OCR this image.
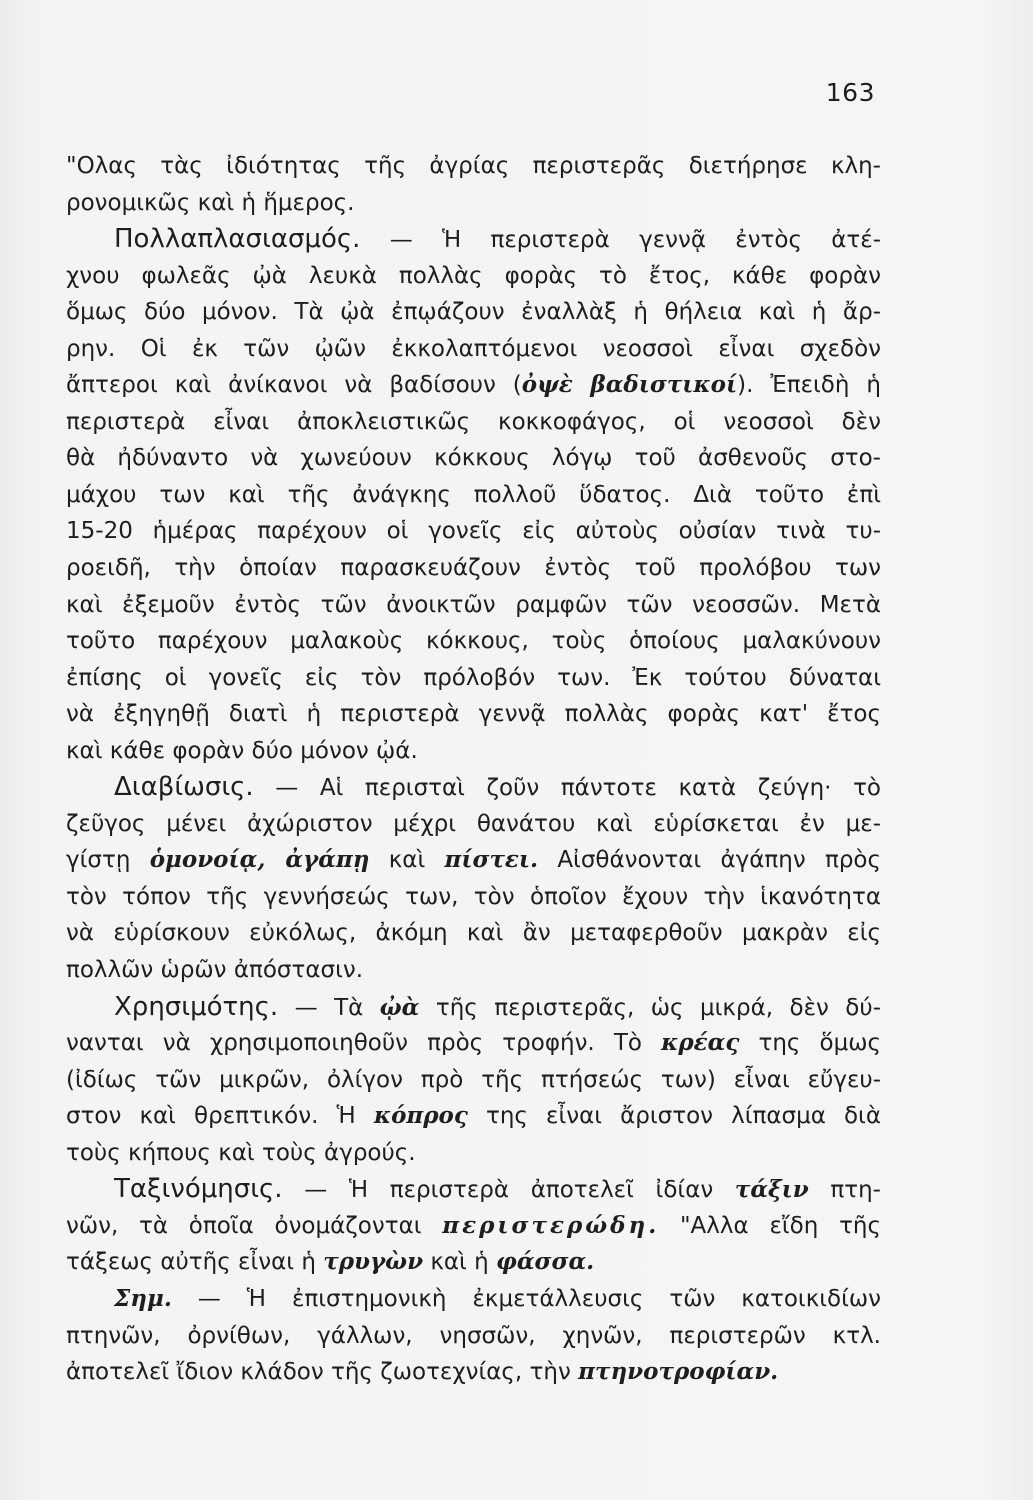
163
"Ολας τὰς ἰδιότητας τῆς ἀγρίας περιστερᾶς διετήρησε κλη-
ρονομικῶς καὶ ἡ ἥμερος.
Πολλαπλασιασμός. — Ἡ περιστερὰ γεννᾷ ἐντὸς ἀτέ-
χνου φωλεᾶς ᾠὰ λευκὰ πολλὰς φορὰς τὸ ἔτος, κάθε φορὰν
ὅμως δύο μόνον. Τὰ ᾠὰ ἐπῳάζουν ἐναλλὰξ ἡ θήλεια καὶ ἡ ἄρ-
ρην. Οἱ ἐκ τῶν ᾠῶν ἐκκολαπτόμενοι νεοσσοὶ εἶναι σχεδὸν
ἄπτεροι καὶ ἀνίκανοι νὰ βαδίσουν (ὀψὲ βαδιστικοί). Ἐπειδὴ ἡ
περιστερὰ εἶναι ἀποκλειστικῶς κοκκοφάγος, οἱ νεοσσοὶ δὲν
θὰ ἠδύναντο νὰ χωνεύουν κόκκους λόγῳ τοῦ ἀσθενοῦς στο-
μάχου των καὶ τῆς ἀνάγκης πολλοῦ ὕδατος. Διὰ τοῦτο ἐπὶ
15-20 ἡμέρας παρέχουν οἱ γονεῖς εἰς αὐτοὺς οὐσίαν τινὰ τυ-
ροειδῆ, τὴν ὁποίαν παρασκευάζουν ἐντὸς τοῦ προλόβου των
καὶ ἐξεμοῦν ἐντὸς τῶν ἀνοικτῶν ραμφῶν τῶν νεοσσῶν. Μετὰ
τοῦτο παρέχουν μαλακοὺς κόκκους, τοὺς ὁποίους μαλακύνουν
ἐπίσης οἱ γονεῖς εἰς τὸν πρόλοβόν των. Ἐκ τούτου δύναται
νὰ ἐξηγηθῇ διατὶ ἡ περιστερὰ γεννᾷ πολλὰς φορὰς κατ' ἔτος
καὶ κάθε φορὰν δύο μόνον ᾠά.
Διαβίωσις. — Αἱ περισταὶ ζοῦν πάντοτε κατὰ ζεύγη· τὸ
ζεῦγος μένει ἀχώριστον μέχρι θανάτου καὶ εὑρίσκεται ἐν με-
γίστῃ ὁμονοίᾳ, ἀγάπῃ καὶ πίστει. Αἰσθάνονται ἀγάπην πρὸς
τὸν τόπον τῆς γεννήσεώς των, τὸν ὁποῖον ἔχουν τὴν ἱκανότητα
νὰ εὑρίσκουν εὐκόλως, ἀκόμη καὶ ἂν μεταφερθοῦν μακρὰν εἰς
πολλῶν ὡρῶν ἀπόστασιν.
Χρησιμότης. — Τὰ ᾠὰ τῆς περιστερᾶς, ὡς μικρά, δὲν δύ-
νανται νὰ χρησιμοποιηθοῦν πρὸς τροφήν. Τὸ κρέας της ὅμως
(ἰδίως τῶν μικρῶν, ὀλίγον πρὸ τῆς πτήσεώς των) εἶναι εὔγευ-
στον καὶ θρεπτικόν. Ἡ κόπρος της εἶναι ἄριστον λίπασμα διὰ
τοὺς κήπους καὶ τοὺς ἀγρούς.
Ταξινόμησις. — Ἡ περιστερὰ ἀποτελεῖ ἰδίαν τάξιν πτη-
νῶν, τὰ ὁποῖα ὀνομάζονται περιστερώδη. "Αλλα εἴδη τῆς
τάξεως αὐτῆς εἶναι ἡ τρυγὼν καὶ ἡ φάσσα.
Σημ. — Ἡ ἐπιστημονικὴ ἐκμετάλλευσις τῶν κατοικιδίων
πτηνῶν, ὀρνίθων, γάλλων, νησσῶν, χηνῶν, περιστερῶν κτλ.
ἀποτελεῖ ἴδιον κλάδον τῆς ζωοτεχνίας, τὴν πτηνοτροφίαν.
